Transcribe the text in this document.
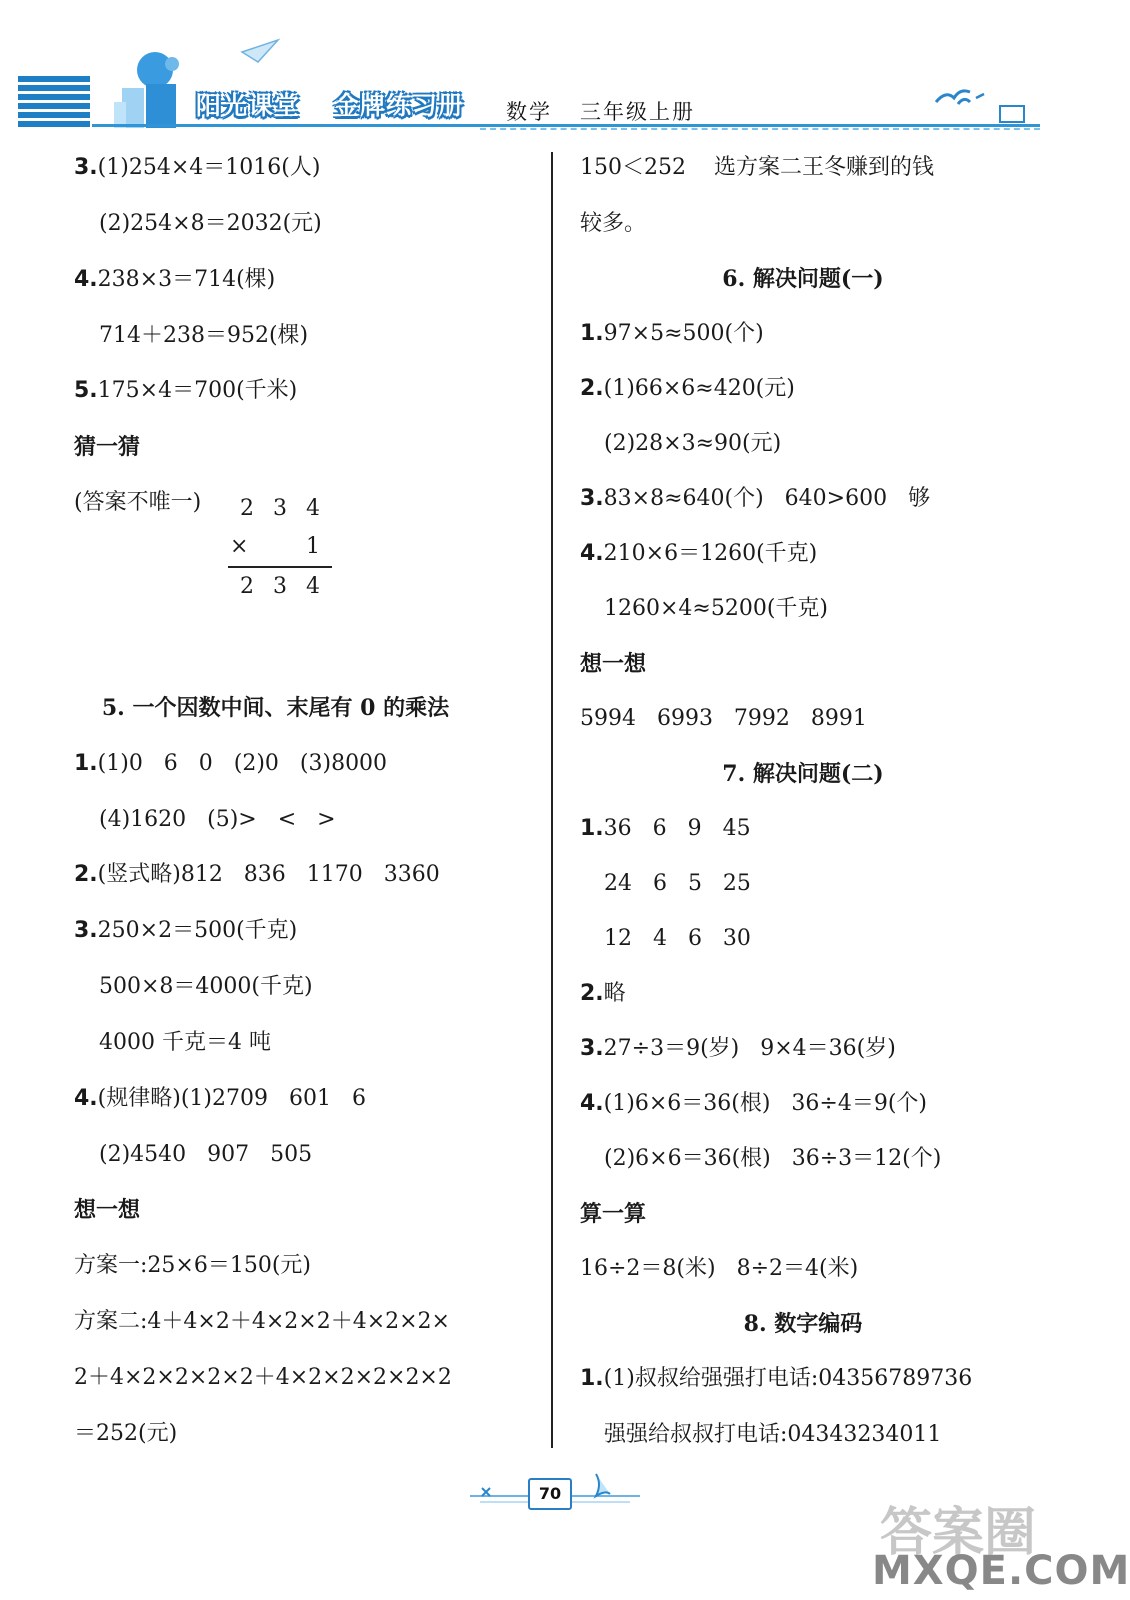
阳光课堂 金牌练习册 数学 三年级上册
3.(1)254×4＝1016(人)
(2)254×8＝2032(元)
4.238×3＝714(棵)
714＋238＝952(棵)
5.175×4＝700(千米)
猜一猜
(答案不唯一) 2 3 4
× 1
2 3 4
5. 一个因数中间、末尾有 0 的乘法
1.(1)0   6   0   (2)0   (3)8000
(4)1620   (5)>   <   >
2.(竖式略)812   836   1170   3360
3.250×2＝500(千克)
500×8＝4000(千克)
4000 千克＝4 吨
4.(规律略)(1)2709   601   6
(2)4540   907   505
想一想
方案一:25×6＝150(元)
方案二:4＋4×2＋4×2×2＋4×2×2×
2＋4×2×2×2×2＋4×2×2×2×2×2
＝252(元)
150＜252    选方案二王冬赚到的钱
较多。
6. 解决问题(一)
1.97×5≈500(个)
2.(1)66×6≈420(元)
(2)28×3≈90(元)
3.83×8≈640(个)   640>600   够
4.210×6＝1260(千克)
1260×4≈5200(千克)
想一想
5994   6993   7992   8991
7. 解决问题(二)
1.36   6   9   45
24   6   5   25
12   4   6   30
2.略
3.27÷3＝9(岁)   9×4＝36(岁)
4.(1)6×6＝36(根)   36÷4＝9(个)
(2)6×6＝36(根)   36÷3＝12(个)
算一算
16÷2＝8(米)   8÷2＝4(米)
8. 数字编码
1.(1)叔叔给强强打电话:04356789736
强强给叔叔打电话:04343234011
70
答案圈
MXQE.COM
